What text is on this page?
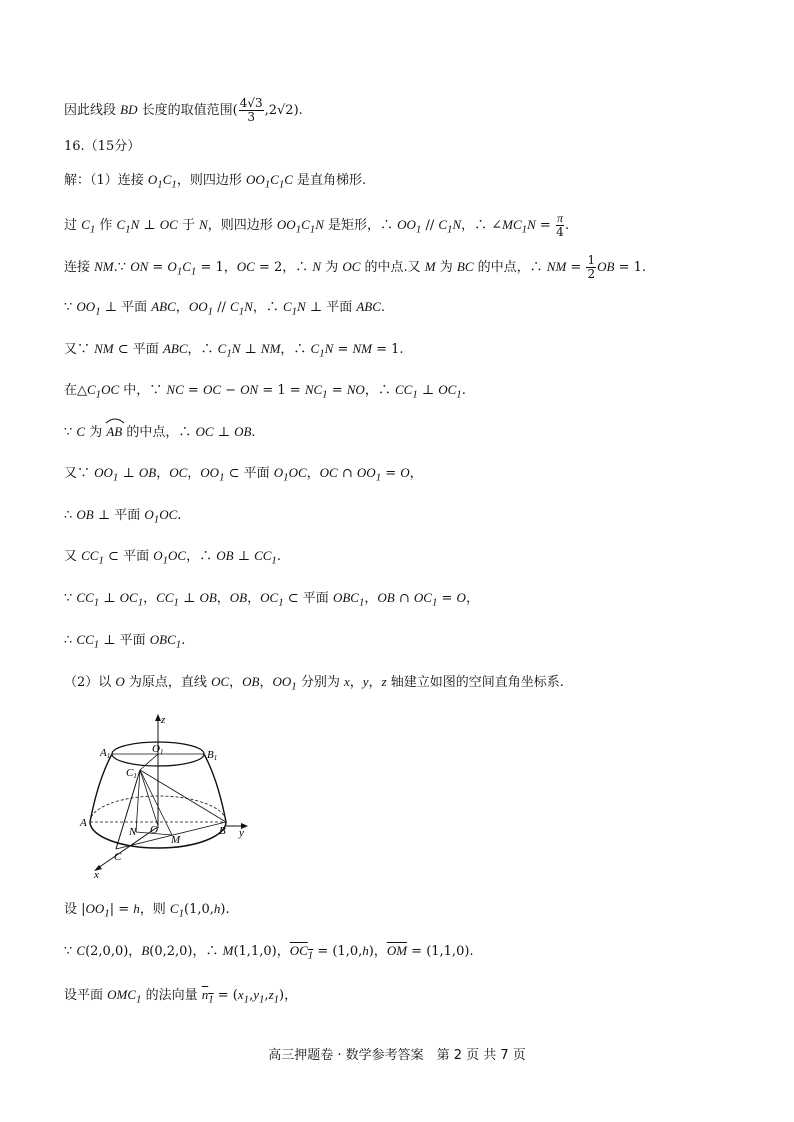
因此线段 BD 长度的取值范围( $\frac{4√3}{3} ,2√2$).
16.（15分）
解：（1）连接 $O_1C_1$，则四边形 $OO_1C_1C$ 是直角梯形.
过 $C_1$ 作 $C_1N$ ⊥ OC 于 N，则四边形 $OO_1C_1N$ 是矩形，∴ $OO_1 // C_1N$，∴ $\angle MC_1N = \frac{\pi}{4}$ .
连接 NM.∵ ON = $O_1C_1 = 1$，OC = 2，∴ N 为 OC 的中点.又 M 为 BC 的中点，∴ NM = $\frac{1}{2}$ OB = 1.
∵ $OO_1$ ⊥ 平面 ABC，$OO_1 // C_1N$，∴ $C_1N$ ⊥ 平面 ABC.
又∵ NM ⊂ 平面 ABC，∴ $C_1N$ ⊥ NM，∴ $C_1N$ = NM = 1.
在$\triangle C_1OC$ 中，∵ NC = OC − ON = $1 = NC_1$ = NO，∴ $CC_1$ ⊥ $OC_1$.
∵ C 为 AB
的中点，∴ OC ⊥ OB.
又∵ $OO_1$ ⊥ OB，OC，$OO_1$ ⊂ 平面 $O_1OC$，OC ∩ $OO_1 = O$，
∴ OB ⊥ 平面 $O_1OC$.
又 $CC_1$ ⊂ 平面 $O_1OC$，∴ OB ⊥ $CC_1$.
∵ $CC_1$ ⊥ $OC_1$，$CC_1$ ⊥ OB，OB，$OC_1$ ⊂ 平面 $OBC_1$，OB ∩ $OC_1 = O$，
∴ $CC_1$ ⊥ 平面 $OBC_1$.
（2）以 O 为原点，直线 OC，OB，$OO_1$ 分别为 x，y，z 轴建立如图的空间直角坐标系.
z
y
x
A1
O1	B1
C1
A
N O
M
B
C
设 $|OO_1| = h$，则 $C_1(1,0,h)$.
∵ C(2,0,0)，B(0,2,0)，∴ M(1,1,0)，$OC_1 = (1,0,h)$，$\overline{OM} = (1,1,0)$.
设平面 $OMC_1$ 的法向量 $n_1 = (x_1,y_1,z_1)$，
高三押题卷 · 数学参考答案　第 2 页 共 7 页
